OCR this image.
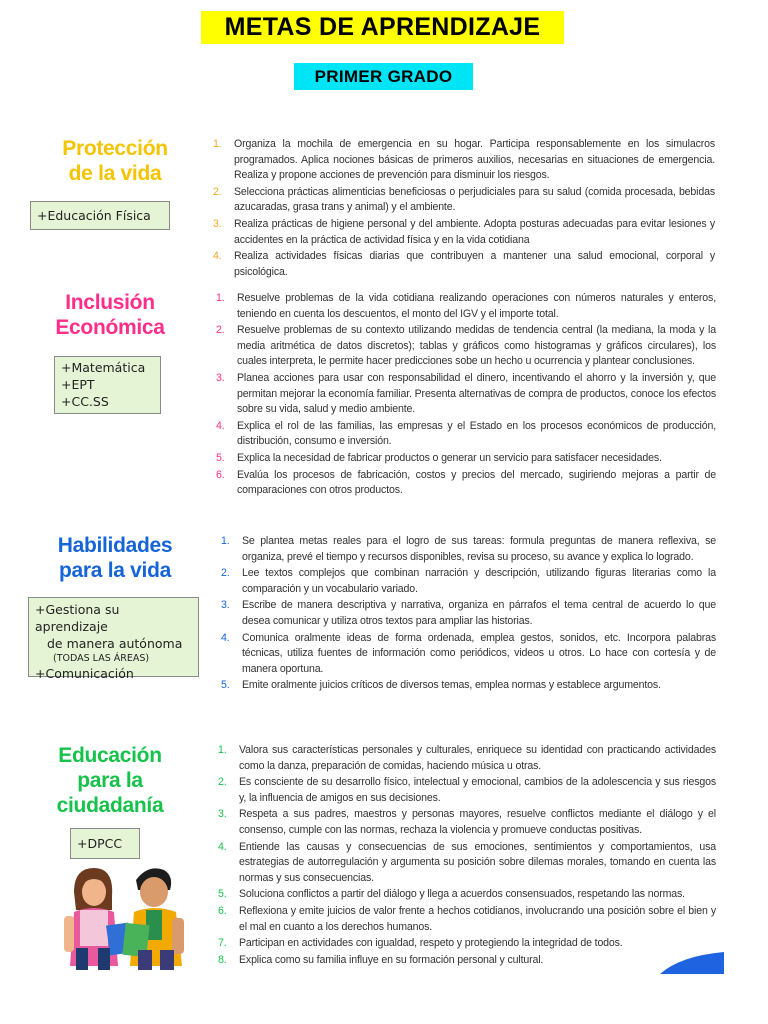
METAS DE APRENDIZAJE
PRIMER GRADO
Protección
de la vida
+Educación Física
1. Organiza la mochila de emergencia en su hogar. Participa responsablemente en los simulacros programados. Aplica nociones básicas de primeros auxilios, necesarias en situaciones de emergencia. Realiza y propone acciones de prevención para disminuir los riesgos.
2. Selecciona prácticas alimenticias beneficiosas o perjudiciales para su salud (comida procesada, bebidas azucaradas, grasa trans y animal) y el ambiente.
3. Realiza prácticas de higiene personal y del ambiente. Adopta posturas adecuadas para evitar lesiones y accidentes en la práctica de actividad física y en la vida cotidiana
4. Realiza actividades físicas diarias que contribuyen a mantener una salud emocional, corporal y psicológica.
Inclusión
Económica
+Matemática
+EPT
+CC.SS
1. Resuelve problemas de la vida cotidiana realizando operaciones con números naturales y enteros, teniendo en cuenta los descuentos, el monto del IGV y el importe total.
2. Resuelve problemas de su contexto utilizando medidas de tendencia central (la mediana, la moda y la media aritmética de datos discretos); tablas y gráficos como histogramas y gráficos circulares), los cuales interpreta, le permite hacer predicciones sobe un hecho u ocurrencia y plantear conclusiones.
3. Planea acciones para usar con responsabilidad el dinero, incentivando el ahorro y la inversión y, que permitan mejorar la economía familiar. Presenta alternativas de compra de productos, conoce los efectos sobre su vida, salud y medio ambiente.
4. Explica el rol de las familias, las empresas y el Estado en los procesos económicos de producción, distribución, consumo e inversión.
5. Explica la necesidad de fabricar productos o generar un servicio para satisfacer necesidades.
6. Evalúa los procesos de fabricación, costos y precios del mercado, sugiriendo mejoras a partir de comparaciones con otros productos.
Habilidades
para la vida
+Gestiona su aprendizaje
de manera autónoma
(TODAS LAS ÁREAS)
+Comunicación
1. Se plantea metas reales para el logro de sus tareas: formula preguntas de manera reflexiva, se organiza, prevé el tiempo y recursos disponibles, revisa su proceso, su avance y explica lo logrado.
2. Lee textos complejos que combinan narración y descripción, utilizando figuras literarias como la comparación y un vocabulario variado.
3. Escribe de manera descriptiva y narrativa, organiza en párrafos el tema central de acuerdo lo que desea comunicar y utiliza otros textos para ampliar las historias.
4. Comunica oralmente ideas de forma ordenada, emplea gestos, sonidos, etc. Incorpora palabras técnicas, utiliza fuentes de información como periódicos, videos u otros. Lo hace con cortesía y de manera oportuna.
5. Emite oralmente juicios críticos de diversos temas, emplea normas y establece argumentos.
Educación
para la
ciudadanía
+DPCC
1. Valora sus características personales y culturales, enriquece su identidad con practicando actividades como la danza, preparación de comidas, haciendo música u otras.
2. Es consciente de su desarrollo físico, intelectual y emocional, cambios de la adolescencia y sus riesgos y, la influencia de amigos en sus decisiones.
3. Respeta a sus padres, maestros y personas mayores, resuelve conflictos mediante el diálogo y el consenso, cumple con las normas, rechaza la violencia y promueve conductas positivas.
4. Entiende las causas y consecuencias de sus emociones, sentimientos y comportamientos, usa estrategias de autorregulación y argumenta su posición sobre dilemas morales, tomando en cuenta las normas y sus consecuencias.
5. Soluciona conflictos a partir del diálogo y llega a acuerdos consensuados, respetando las normas.
6. Reflexiona y emite juicios de valor frente a hechos cotidianos, involucrando una posición sobre el bien y el mal en cuanto a los derechos humanos.
7. Participan en actividades con igualdad, respeto y protegiendo la integridad de todos.
8. Explica como su familia influye en su formación personal y cultural.
